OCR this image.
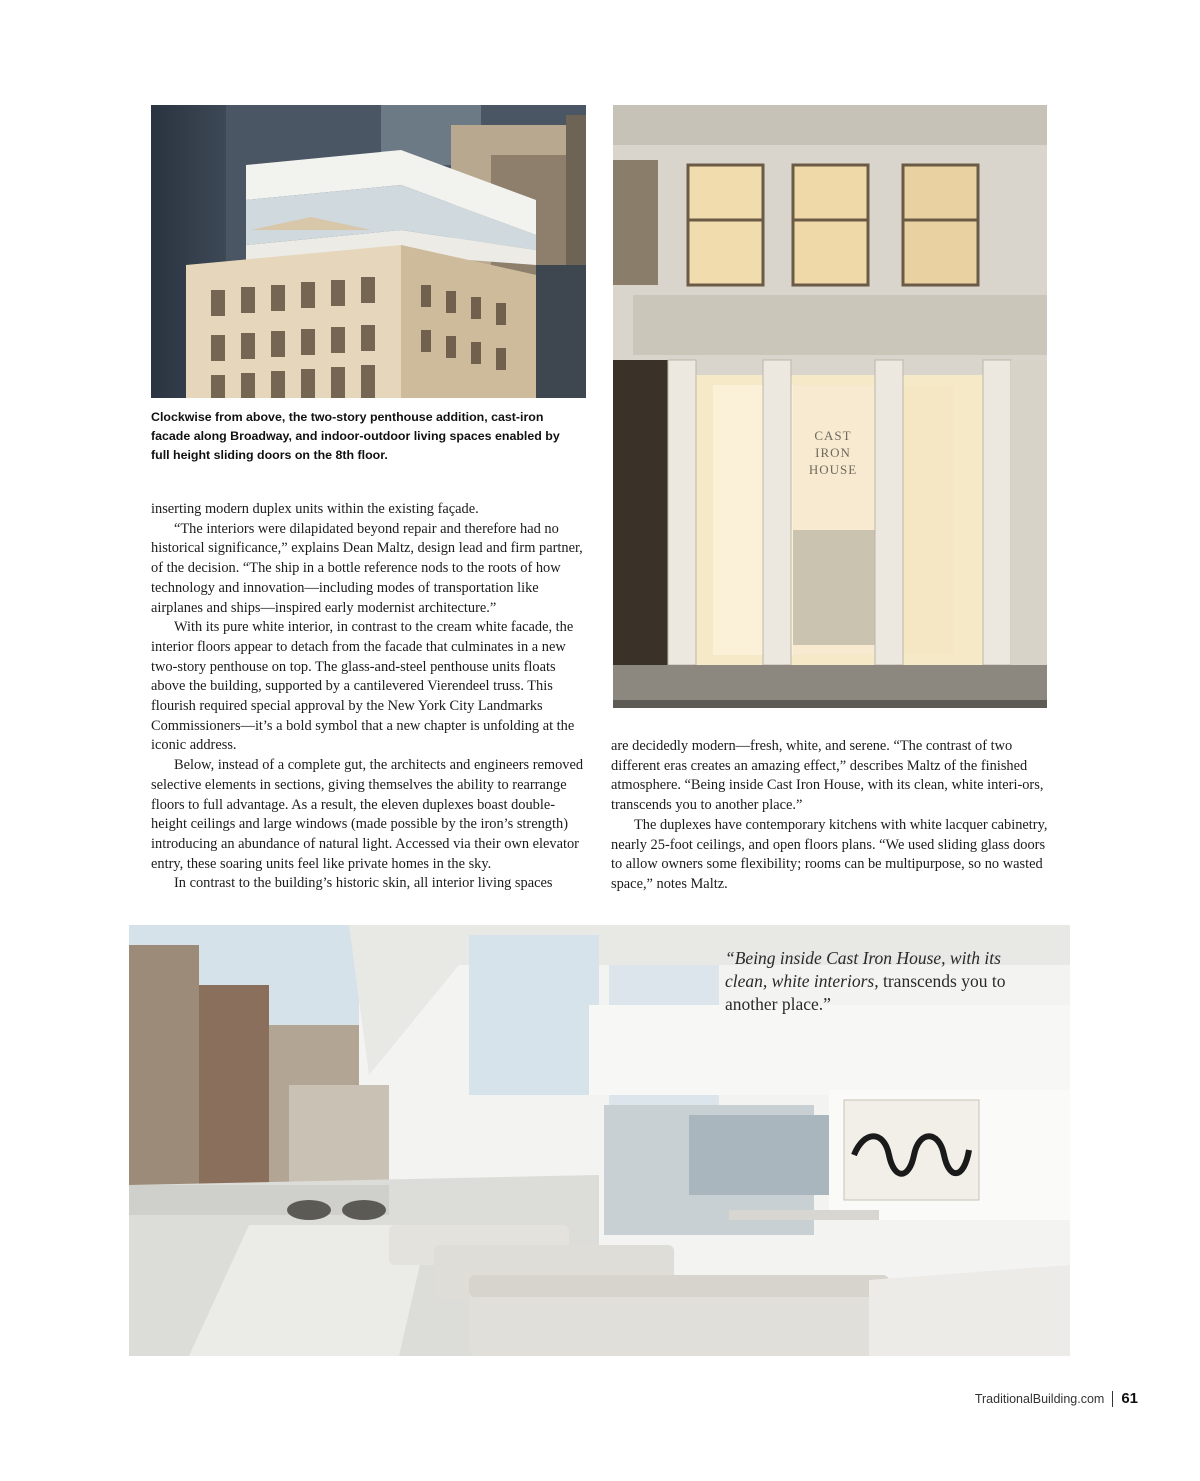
Clockwise from above, the two-story penthouse addition, cast-iron facade along Broadway, and indoor-outdoor living spaces enabled by full height sliding doors on the 8th floor.
CAST
IRON
HOUSE

inserting modern duplex units within the existing façade.

“The interiors were dilapidated beyond repair and therefore had no historical significance,” explains Dean Maltz, design lead and firm partner, of the decision. “The ship in a bottle reference nods to the roots of how technology and innovation—including modes of transportation like airplanes and ships—inspired early modernist architecture.”

With its pure white interior, in contrast to the cream white facade, the interior floors appear to detach from the facade that culminates in a new two-story penthouse on top. The glass-and-steel penthouse units floats above the building, supported by a cantilevered Vierendeel truss. This flourish required special approval by the New York City Landmarks Commissioners—it’s a bold symbol that a new chapter is unfolding at the iconic address.

Below, instead of a complete gut, the architects and engineers removed selective elements in sections, giving themselves the ability to rearrange floors to full advantage. As a result, the eleven duplexes boast double-height ceilings and large windows (made possible by the iron’s strength) introducing an abundance of natural light. Accessed via their own elevator entry, these soaring units feel like private homes in the sky.

In contrast to the building’s historic skin, all interior living spaces

are decidedly modern—fresh, white, and serene. “The contrast of two different eras creates an amazing effect,” describes Maltz of the finished atmosphere. “Being inside Cast Iron House, with its clean, white interi-ors, transcends you to another place.”

The duplexes have contemporary kitchens with white lacquer cabinetry, nearly 25-foot ceilings, and open floors plans. “We used sliding glass doors to allow owners some flexibility; rooms can be multipurpose, so no wasted space,” notes Maltz.

“Being inside Cast Iron House, with its clean, white interiors, transcends you to another place.”
TraditionalBuilding.com 61
